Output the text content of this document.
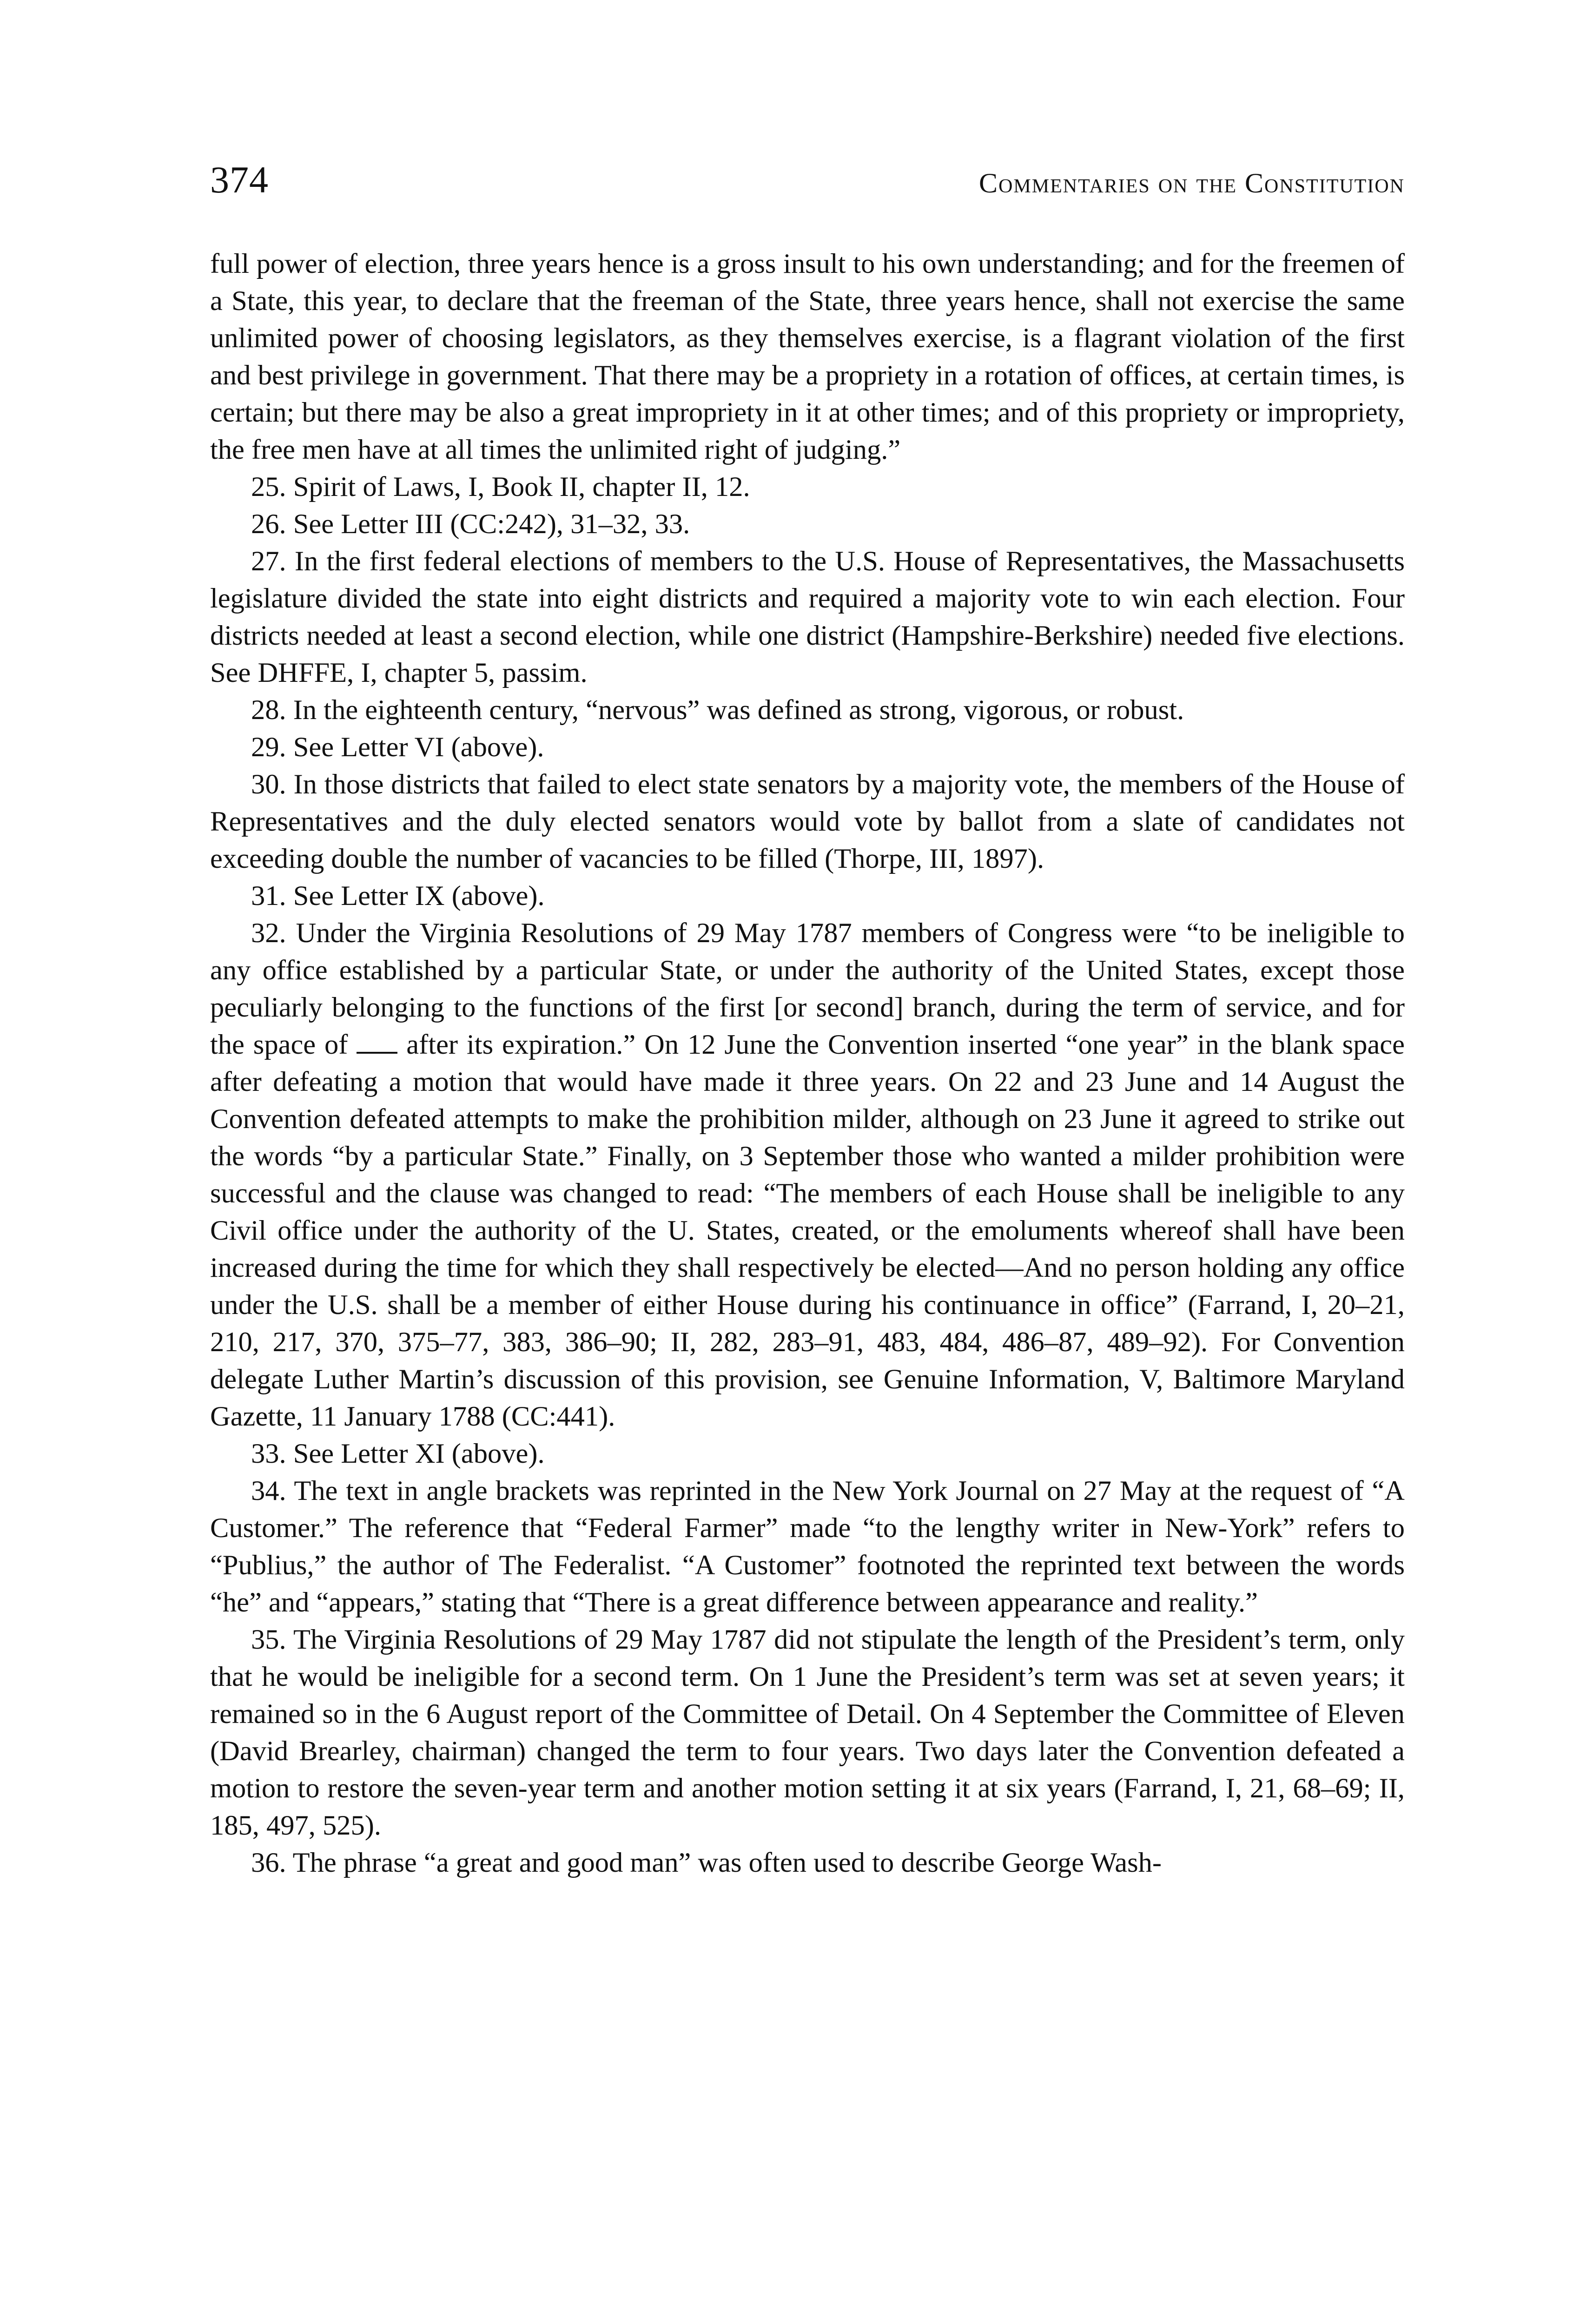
374	Commentaries on the Constitution

full power of election, three years hence is a gross insult to his own understanding; and for the freemen of a State, this year, to declare that the freeman of the State, three years hence, shall not exercise the same unlimited power of choosing legislators, as they themselves exercise, is a flagrant violation of the first and best privilege in government. That there may be a propriety in a rotation of offices, at certain times, is certain; but there may be also a great impropriety in it at other times; and of this propriety or impropriety, the free men have at all times the unlimited right of judging.”

25. Spirit of Laws, I, Book II, chapter II, 12.

26. See Letter III (CC:242), 31–32, 33.

27. In the first federal elections of members to the U.S. House of Representatives, the Massachusetts legislature divided the state into eight districts and required a majority vote to win each election. Four districts needed at least a second election, while one district (Hampshire-Berkshire) needed five elections. See DHFFE, I, chapter 5, passim.

28. In the eighteenth century, “nervous” was defined as strong, vigorous, or robust.

29. See Letter VI (above).

30. In those districts that failed to elect state senators by a majority vote, the members of the House of Representatives and the duly elected senators would vote by ballot from a slate of candidates not exceeding double the number of vacancies to be filled (Thorpe, III, 1897).

31. See Letter IX (above).

32. Under the Virginia Resolutions of 29 May 1787 members of Congress were “to be ineligible to any office established by a particular State, or under the authority of the United States, except those peculiarly belonging to the functions of the first [or second] branch, during the term of service, and for the space of after its expiration.” On 12 June the Convention inserted “one year” in the blank space after defeating a motion that would have made it three years. On 22 and 23 June and 14 August the Convention defeated attempts to make the prohibition milder, although on 23 June it agreed to strike out the words “by a particular State.” Finally, on 3 September those who wanted a milder prohibition were successful and the clause was changed to read: “The members of each House shall be ineligible to any Civil office under the authority of the U. States, created, or the emoluments whereof shall have been increased during the time for which they shall respectively be elected—And no person holding any office under the U.S. shall be a member of either House during his continuance in office” (Farrand, I, 20–21, 210, 217, 370, 375–77, 383, 386–90; II, 282, 283–91, 483, 484, 486–87, 489–92). For Convention delegate Luther Martin’s discussion of this provision, see Genuine Information, V, Baltimore Maryland Gazette, 11 January 1788 (CC:441).

33. See Letter XI (above).

34. The text in angle brackets was reprinted in the New York Journal on 27 May at the request of “A Customer.” The reference that “Federal Farmer” made “to the lengthy writer in New-York” refers to “Publius,” the author of The Federalist. “A Customer” footnoted the reprinted text between the words “he” and “appears,” stating that “There is a great difference between appearance and reality.”

35. The Virginia Resolutions of 29 May 1787 did not stipulate the length of the President’s term, only that he would be ineligible for a second term. On 1 June the President’s term was set at seven years; it remained so in the 6 August report of the Committee of Detail. On 4 September the Committee of Eleven (David Brearley, chairman) changed the term to four years. Two days later the Convention defeated a motion to restore the seven-year term and another motion setting it at six years (Farrand, I, 21, 68–69; II, 185, 497, 525).

36. The phrase “a great and good man” was often used to describe George Wash-
